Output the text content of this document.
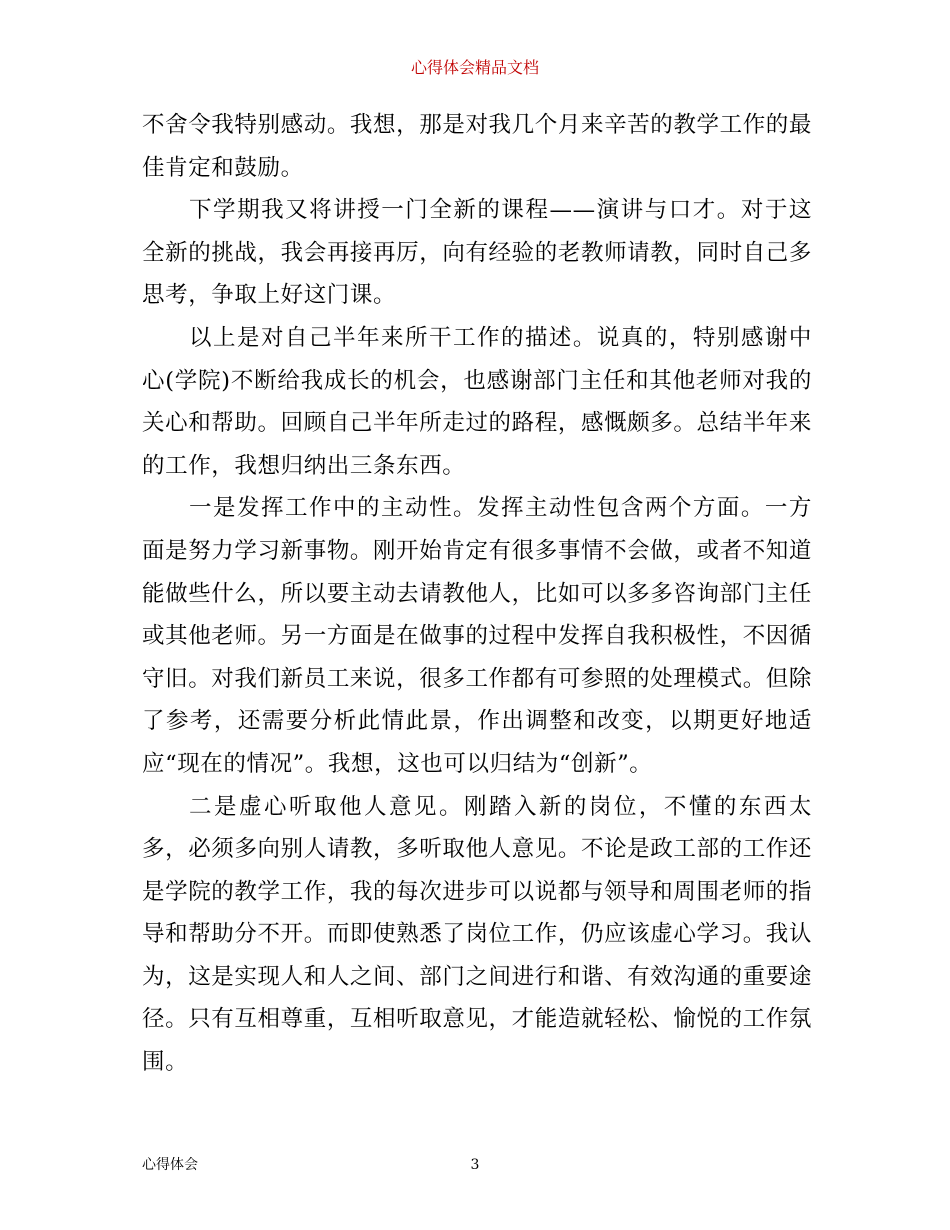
心得体会精品文档

不舍令我特别感动。我想，那是对我几个月来辛苦的教学工作的最佳肯定和鼓励。

下学期我又将讲授一门全新的课程——演讲与口才。对于这全新的挑战，我会再接再厉，向有经验的老教师请教，同时自己多思考，争取上好这门课。

以上是对自己半年来所干工作的描述。说真的，特别感谢中心(学院)不断给我成长的机会，也感谢部门主任和其他老师对我的关心和帮助。回顾自己半年所走过的路程，感慨颇多。总结半年来的工作，我想归纳出三条东西。

一是发挥工作中的主动性。发挥主动性包含两个方面。一方面是努力学习新事物。刚开始肯定有很多事情不会做，或者不知道能做些什么，所以要主动去请教他人，比如可以多多咨询部门主任或其他老师。另一方面是在做事的过程中发挥自我积极性，不因循守旧。对我们新员工来说，很多工作都有可参照的处理模式。但除了参考，还需要分析此情此景，作出调整和改变，以期更好地适应“现在的情况”。我想，这也可以归结为“创新”。

二是虚心听取他人意见。刚踏入新的岗位，不懂的东西太多，必须多向别人请教，多听取他人意见。不论是政工部的工作还是学院的教学工作，我的每次进步可以说都与领导和周围老师的指导和帮助分不开。而即使熟悉了岗位工作，仍应该虚心学习。我认为，这是实现人和人之间、部门之间进行和谐、有效沟通的重要途径。只有互相尊重，互相听取意见，才能造就轻松、愉悦的工作氛围。

心得体会	3
